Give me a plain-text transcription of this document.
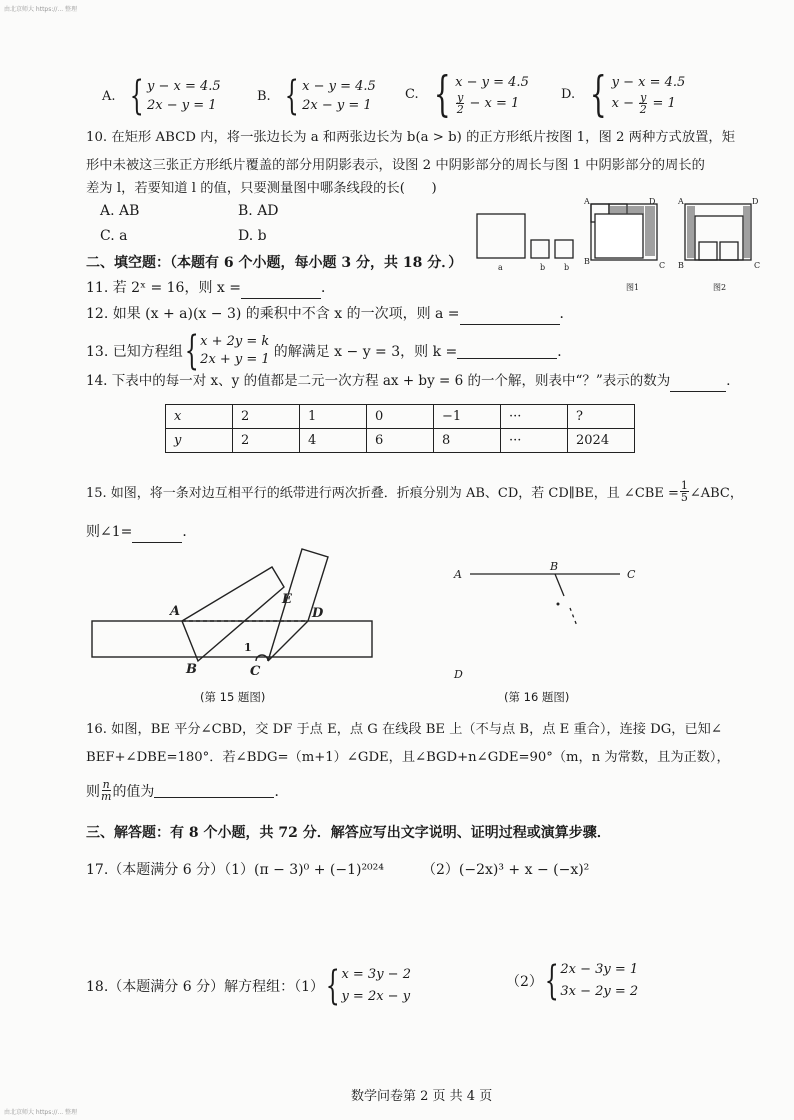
由北京师大 https://... 整理
A. { y − x = 4.5
2x − y = 1
B. { x − y = 4.5
2x − y = 1
C. { x − y = 4.5
$\frac{y}{2} - x = 1$
D. { y − x = 4.5
$x - \frac{y}{2} = 1$
10. 在矩形 ABCD 内，将一张边长为 a 和两张边长为 b(a > b) 的正方形纸片按图 1，图 2 两种方式放置，矩
形中未被这三张正方形纸片覆盖的部分用阴影表示，设图 2 中阴影部分的周长与图 1 中阴影部分的周长的
差为 l，若要知道 l 的值，只要测量图中哪条线段的长(　　)
A. AB	B. AD
C. a	D. b
a	b b
A
B	C
D	A
B	C
D
图1	图2
二、填空题：（本题有 6 个小题，每小题 3 分，共 18 分．）
11. 若 2ˣ = 16，则 x =	．
12. 如果 (x + a)(x − 3) 的乘积中不含 x 的一次项，则 a =	．
13. 已知方程组 { x + 2y = k
2x + y = 1 的解满足 x − y = 3，则 k =	．
14. 下表中的每一对 x、y 的值都是二元一次方程 ax + by = 6 的一个解，则表中“？”表示的数为	．
x	2	1	0	−1	···	?
y	2	4	6	8	···	2024
15. 如图，将一条对边互相平行的纸带进行两次折叠．折痕分别为 AB、CD，若 CD∥BE，且 ∠CBE = $\frac{1}{5}$ ∠ABC，
则∠1=	．
A
B	C
D
E
1
(第 15 题图)
A
B
C
D
(第 16 题图)
16. 如图，BE 平分∠CBD，交 DF 于点 E，点 G 在线段 BE 上（不与点 B，点 E 重合），连接 DG，已知∠
BEF+∠DBE=180°．若∠BDG=（m+1）∠GDE，且∠BGD+n∠GDE=90°（m，n 为常数，且为正数），
则 $\frac{n}{m}$ 的值为	．
三、解答题：有 8 个小题，共 72 分．解答应写出文字说明、证明过程或演算步骤．
17.（本题满分 6 分）（1）(π − 3)⁰ + (−1)²⁰²⁴	（2）(−2x)³ + x − (−x)²
18.（本题满分 6 分）解方程组：（1） { x = 3y − 2
y = 2x − y
（2） { 2x − 3y = 1
3x − 2y = 2
数学问卷第 2 页 共 4 页
由北京师大 https://... 整理
